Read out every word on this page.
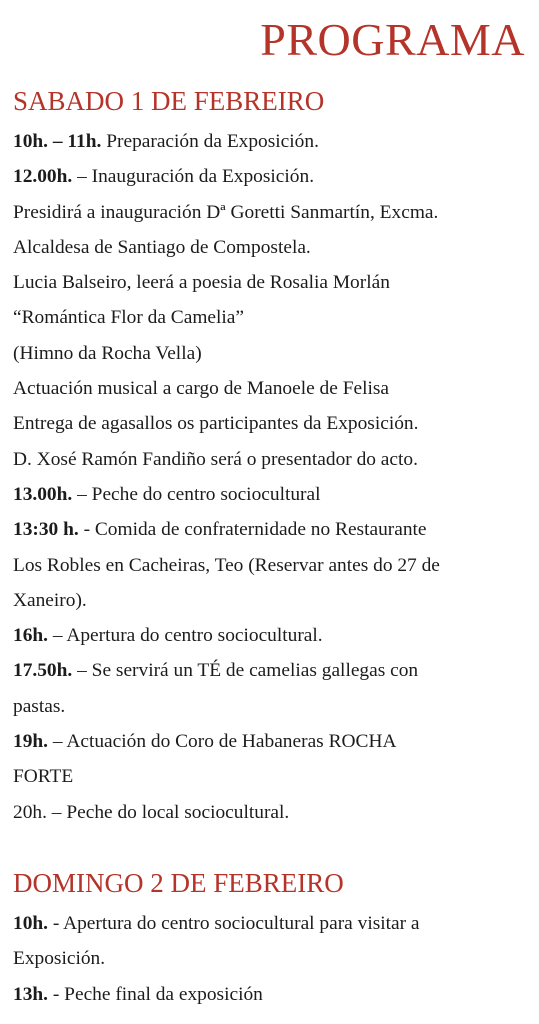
PROGRAMA
SABADO 1 DE FEBREIRO
10h. – 11h. Preparación da Exposición.
12.00h. – Inauguración da Exposición.
Presidirá a inauguración Dª Goretti Sanmartín, Excma.
Alcaldesa de Santiago de Compostela.
Lucia Balseiro, leerá a poesia de Rosalia Morlán
“Romántica Flor da Camelia”
(Himno da Rocha Vella)
Actuación musical a cargo de Manoele de Felisa
Entrega de agasallos os participantes da Exposición.
D. Xosé Ramón Fandiño será o presentador do acto.
13.00h. – Peche do centro sociocultural
13:30 h. - Comida de confraternidade no Restaurante
Los Robles en Cacheiras, Teo (Reservar antes do 27 de
Xaneiro).
16h. – Apertura do centro sociocultural.
17.50h. – Se servirá un TÉ de camelias gallegas con
pastas.
19h. – Actuación do Coro de Habaneras ROCHA
FORTE
20h. – Peche do local sociocultural.
DOMINGO 2 DE FEBREIRO
10h. - Apertura do centro sociocultural para visitar a
Exposición.
13h. - Peche final da exposición
